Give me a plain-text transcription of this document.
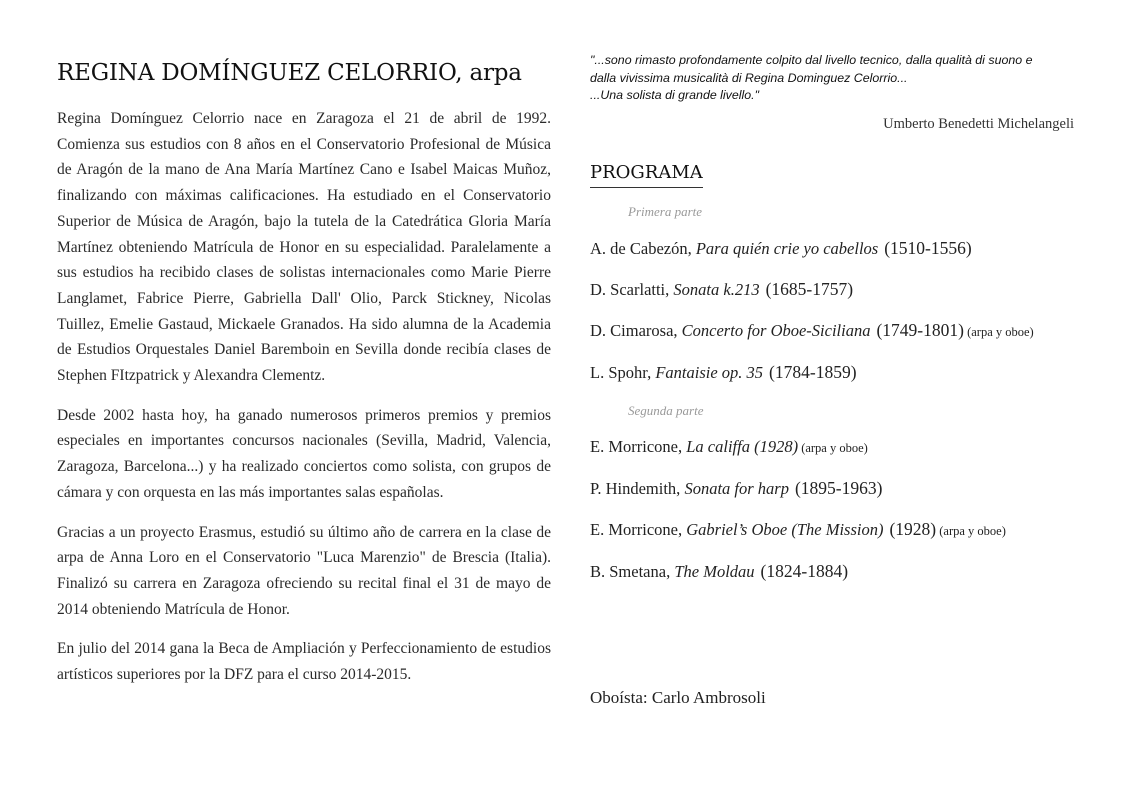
REGINA DOMÍNGUEZ CELORRIO, arpa

Regina Domínguez Celorrio nace en Zaragoza el 21 de abril de 1992. Comienza sus estudios con 8 años en el Conservatorio Profesional de Música de Aragón de la mano de Ana María Martínez Cano e Isabel Maicas Muñoz, finalizando con máximas calificaciones. Ha estudiado en el Conservatorio Superior de Música de Aragón, bajo la tutela de la Catedrática Gloria María Martínez obteniendo Matrícula de Honor en su especialidad. Paralelamente a sus estudios ha recibido clases de solistas internacionales como Marie Pierre Langlamet, Fabrice Pierre, Gabriella Dall' Olio, Parck Stickney, Nicolas Tuillez, Emelie Gastaud, Mickaele Granados. Ha sido alumna de la Academia de Estudios Orquestales Daniel Baremboin en Sevilla donde recibía clases de Stephen FItzpatrick y Alexandra Clementz.

Desde 2002 hasta hoy, ha ganado numerosos primeros premios y premios especiales en importantes concursos nacionales (Sevilla, Madrid, Valencia, Zaragoza, Barcelona...) y ha realizado conciertos como solista, con grupos de cámara y con orquesta en las más importantes salas españolas.

Gracias a un proyecto Erasmus, estudió su último año de carrera en la clase de arpa de Anna Loro en el Conservatorio "Luca Marenzio" de Brescia (Italia). Finalizó su carrera en Zaragoza ofreciendo su recital final el 31 de mayo de 2014 obteniendo Matrícula de Honor.

En julio del 2014 gana la Beca de Ampliación y Perfeccionamiento de estudios artísticos superiores por la DFZ para el curso 2014-2015.

"...sono rimasto profondamente colpito dal livello tecnico, dalla qualità di suono e
dalla vivissima musicalità di Regina Dominguez Celorrio...
...Una solista di grande livello."

Umberto Benedetti Michelangeli
PROGRAMA
Primera parte
A. de Cabezón, Para quién crie yo cabellos (1510-1556)
D. Scarlatti, Sonata k.213 (1685-1757)
D. Cimarosa, Concerto for Oboe-Siciliana (1749-1801) (arpa y oboe)
L. Spohr, Fantaisie op. 35 (1784-1859)
Segunda parte
E. Morricone, La califfa (1928) (arpa y oboe)
P. Hindemith, Sonata for harp (1895-1963)
E. Morricone, Gabriel’s Oboe (The Mission) (1928) (arpa y oboe)
B. Smetana, The Moldau (1824-1884)
Oboísta: Carlo Ambrosoli
